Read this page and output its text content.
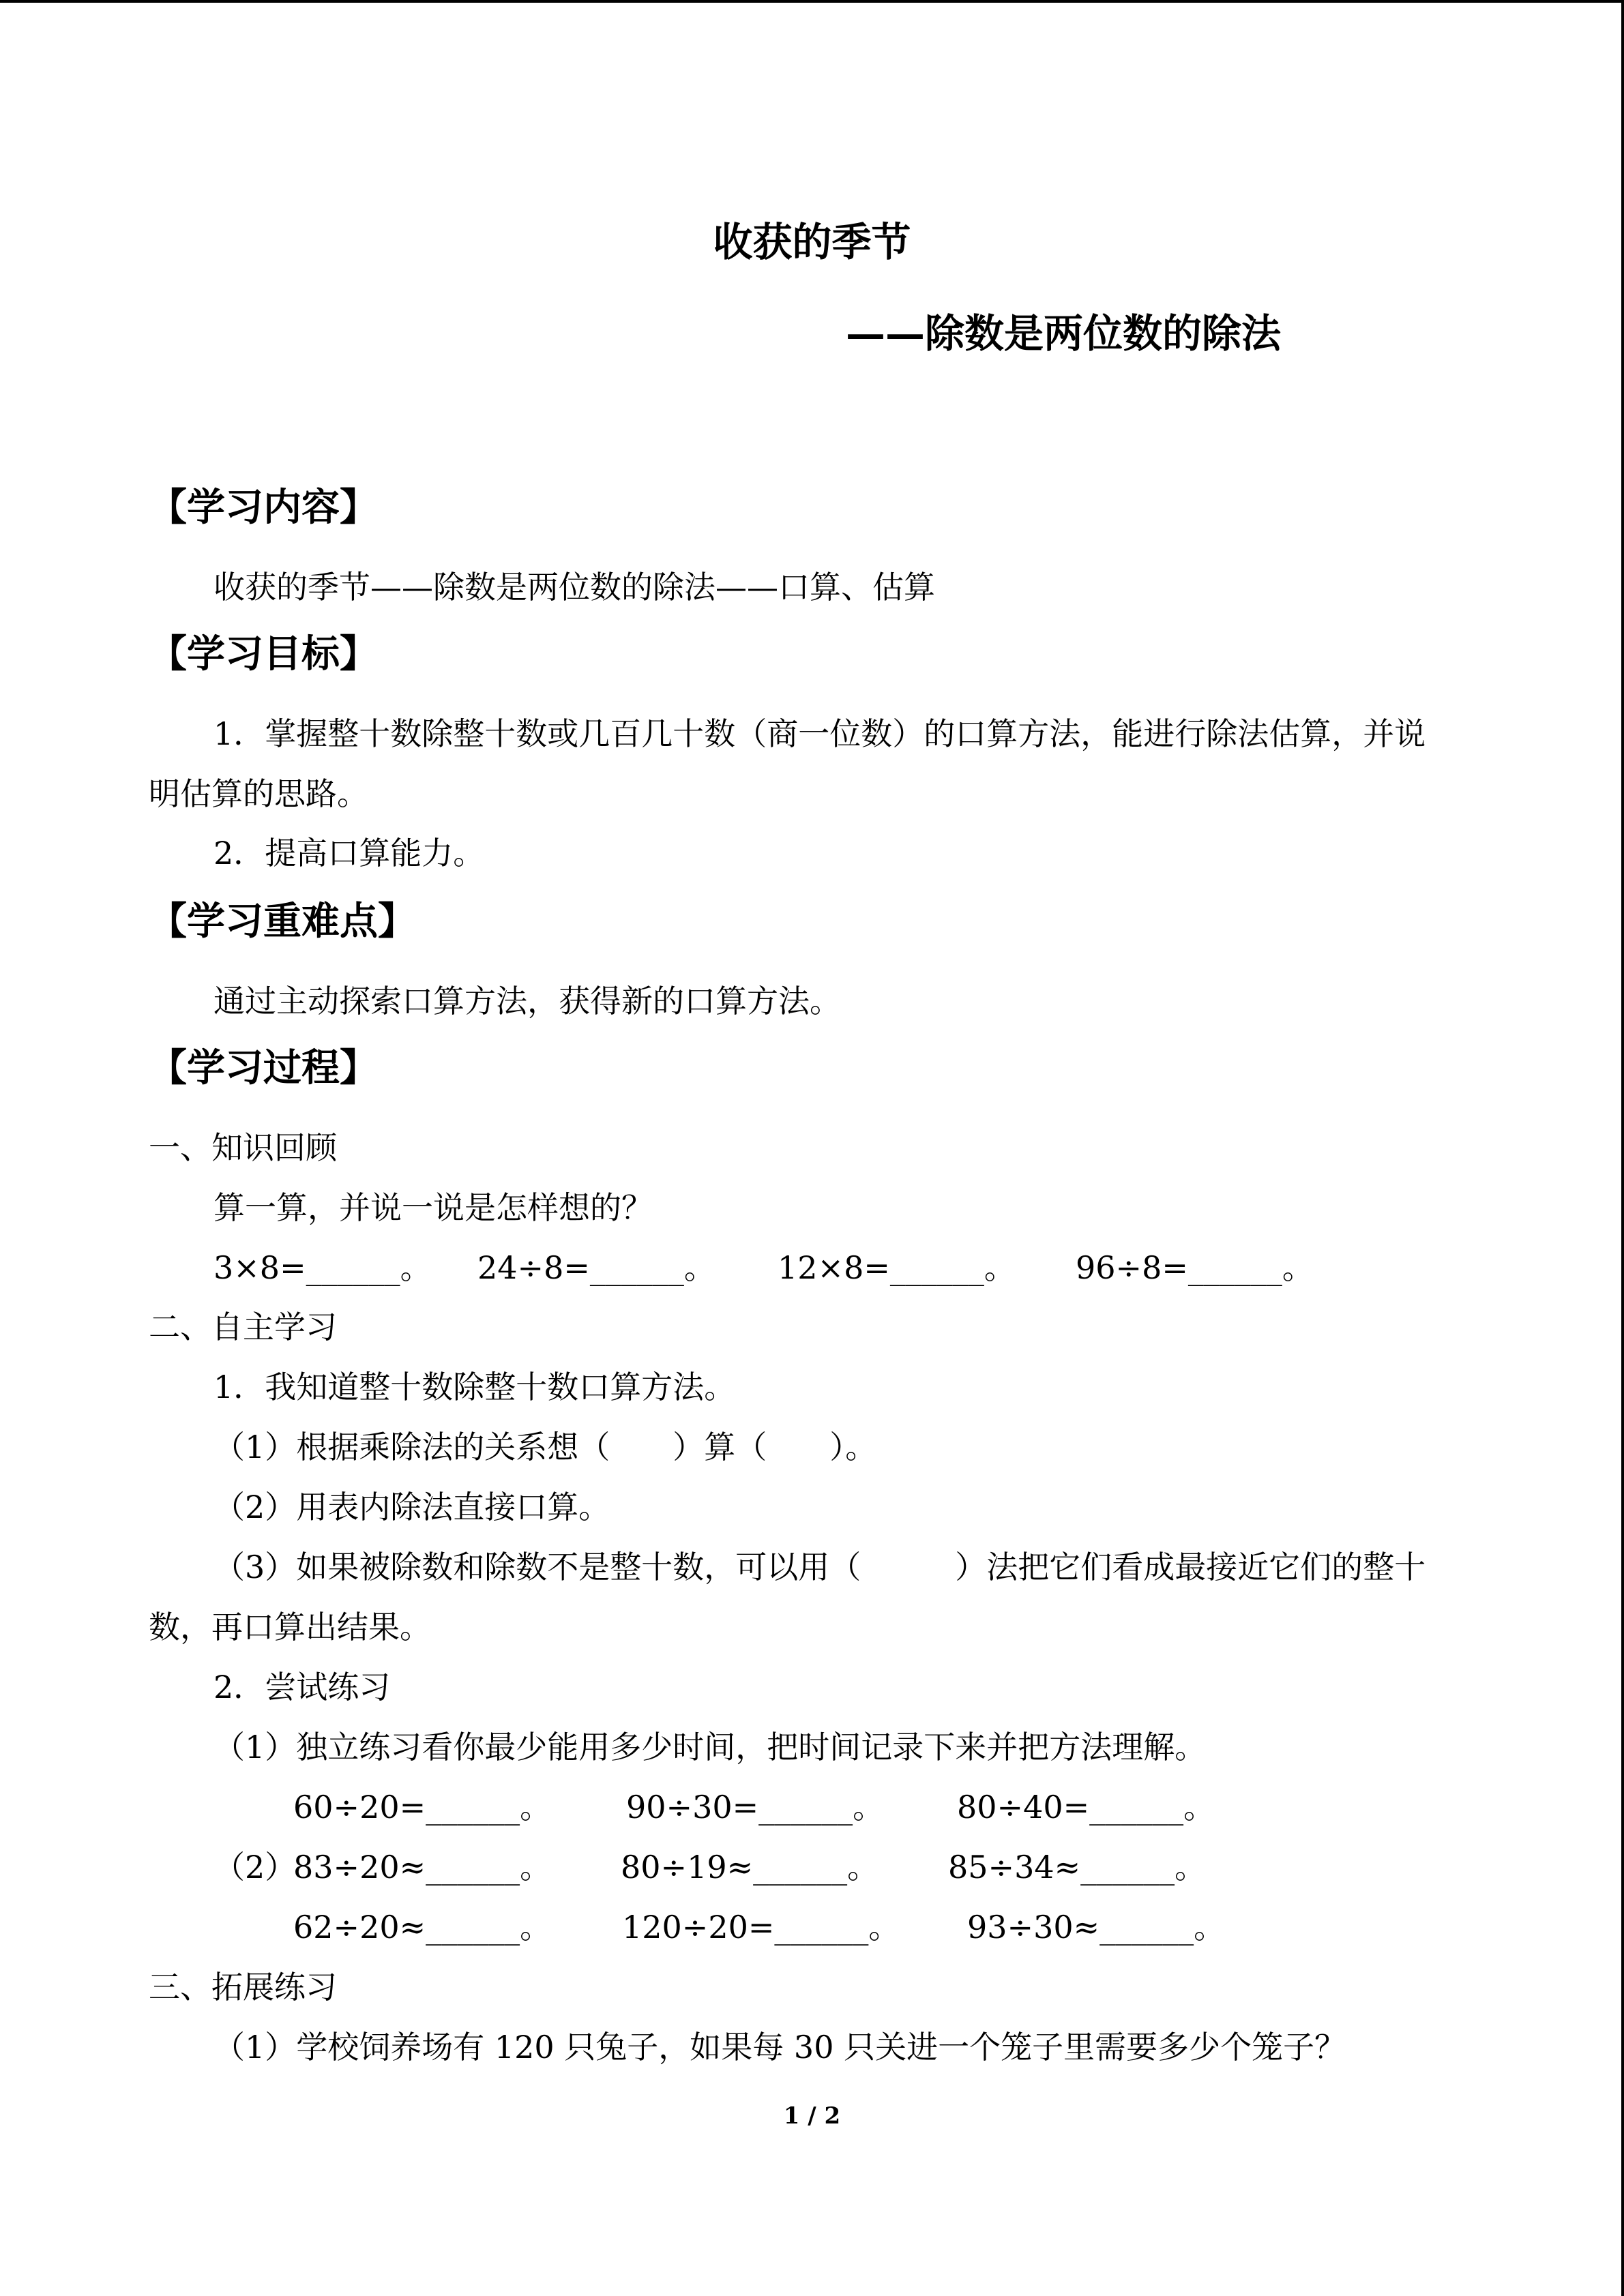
收获的季节
——除数是两位数的除法
【学习内容】
收获的季节——除数是两位数的除法——口算、估算
【学习目标】
1．掌握整十数除整十数或几百几十数（商一位数）的口算方法，能进行除法估算，并说
明估算的思路。
2．提高口算能力。
【学习重难点】
通过主动探索口算方法，获得新的口算方法。
【学习过程】
一、知识回顾
算一算，并说一说是怎样想的？
3×8=______。 24÷8=______。 12×8=______。 96÷8=______。
二、自主学习
1．我知道整十数除整十数口算方法。
（1）根据乘除法的关系想（　　）算（　　）。
（2）用表内除法直接口算。
（3）如果被除数和除数不是整十数，可以用（　　　）法把它们看成最接近它们的整十
数，再口算出结果。
2．尝试练习
（1）独立练习看你最少能用多少时间，把时间记录下来并把方法理解。
60÷20=______。 90÷30=______。 80÷40=______。
（2）
83÷20≈______。 80÷19≈______。 85÷34≈______。
62÷20≈______。 120÷20=______。 93÷30≈______。
三、拓展练习
（1）学校饲养场有 120 只兔子，如果每 30 只关进一个笼子里需要多少个笼子？
1 / 2
